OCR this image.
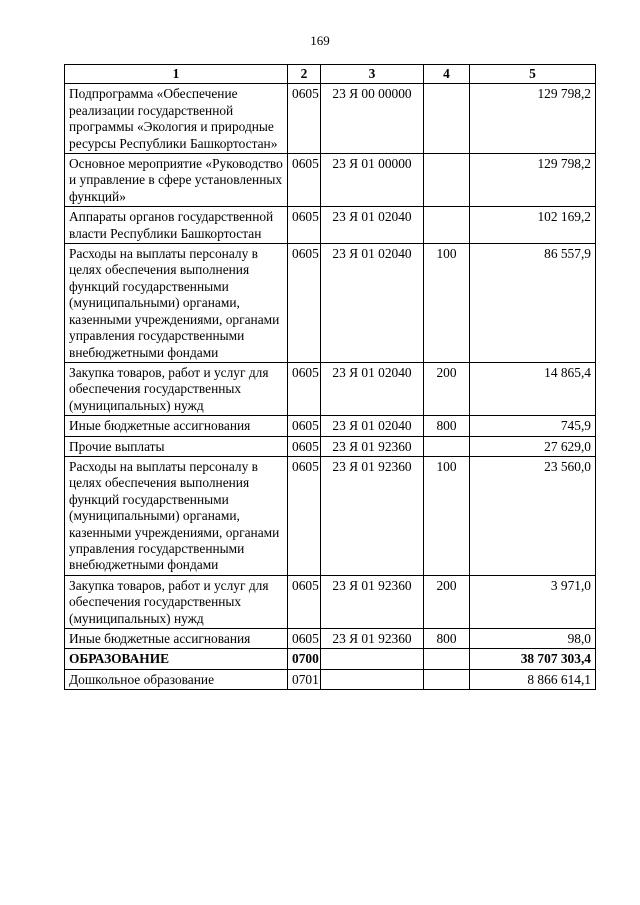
169
1	2	3	4	5
Подпрограмма «Обеспечение реализации государственной программы «Экология и природные ресурсы Республики Башкортостан»	0605	23 Я 00 00000		129 798,2
Основное мероприятие «Руководство и управление в сфере установленных функций»	0605	23 Я 01 00000		129 798,2
Аппараты органов государственной власти Республики Башкортостан	0605	23 Я 01 02040		102 169,2
Расходы на выплаты персоналу в целях обеспечения выполнения функций государственными (муниципальными) органами, казенными учреждениями, органами управления государственными внебюджетными фондами	0605	23 Я 01 02040	100	86 557,9
Закупка товаров, работ и услуг для обеспечения государственных (муниципальных) нужд	0605	23 Я 01 02040	200	14 865,4
Иные бюджетные ассигнования	0605	23 Я 01 02040	800	745,9
Прочие выплаты	0605	23 Я 01 92360		27 629,0
Расходы на выплаты персоналу в целях обеспечения выполнения функций государственными (муниципальными) органами, казенными учреждениями, органами управления государственными внебюджетными фондами	0605	23 Я 01 92360	100	23 560,0
Закупка товаров, работ и услуг для обеспечения государственных (муниципальных) нужд	0605	23 Я 01 92360	200	3 971,0
Иные бюджетные ассигнования	0605	23 Я 01 92360	800	98,0
ОБРАЗОВАНИЕ	0700			38 707 303,4
Дошкольное образование	0701			8 866 614,1
